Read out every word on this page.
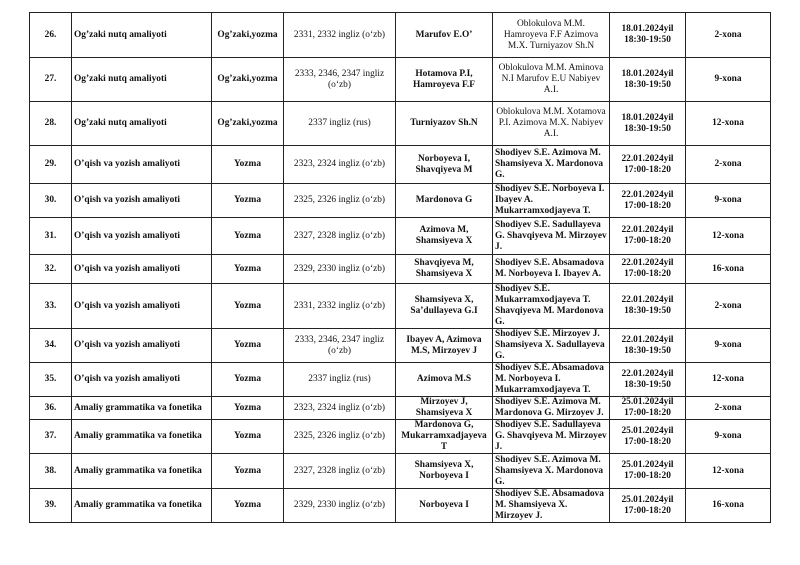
26.	Og’zaki nutq amaliyoti	Og’zaki,yozma	2331, 2332 ingliz (o‘zb)	Marufov E.O’	Oblokulova M.M. Hamroyeva F.F Azimova M.X. Turniyazov Sh.N	18.01.2024yil
18:30-19:50	2-xona
27.	Og’zaki nutq amaliyoti	Og’zaki,yozma	2333, 2346, 2347 ingliz (o‘zb)	Hotamova P.I, Hamroyeva F.F	Oblokulova M.M. Aminova N.I Marufov E.U Nabiyev A.I.	18.01.2024yil
18:30-19:50	9-xona
28.	Og’zaki nutq amaliyoti	Og’zaki,yozma	2337 ingliz (rus)	Turniyazov Sh.N	Oblokulova M.M. Xotamova P.I. Azimova M.X. Nabiyev A.I.	18.01.2024yil
18:30-19:50	12-xona
29.	O’qish va yozish amaliyoti	Yozma	2323, 2324 ingliz (o‘zb)	Norboyeva I, Shavqiyeva M	Shodiyev S.E. Azimova M. Shamsiyeva X. Mardonova G.	22.01.2024yil
17:00-18:20	2-xona
30.	O’qish va yozish amaliyoti	Yozma	2325, 2326 ingliz (o‘zb)	Mardonova G	Shodiyev S.E. Norboyeva I. Ibayev A. Mukarramxodjayeva T.	22.01.2024yil
17:00-18:20	9-xona
31.	O’qish va yozish amaliyoti	Yozma	2327, 2328 ingliz (o‘zb)	Azimova M, Shamsiyeva X	Shodiyev S.E. Sadullayeva G. Shavqiyeva M. Mirzoyev J.	22.01.2024yil
17:00-18:20	12-xona
32.	O’qish va yozish amaliyoti	Yozma	2329, 2330 ingliz (o‘zb)	Shavqiyeva M, Shamsiyeva X	Shodiyev S.E. Absamadova M. Norboyeva I. Ibayev A.	22.01.2024yil
17:00-18:20	16-xona
33.	O’qish va yozish amaliyoti	Yozma	2331, 2332 ingliz (o‘zb)	Shamsiyeva X, Sa’dullayeva G.I	Shodiyev S.E. Mukarramxodjayeva T. Shavqiyeva M. Mardonova G.	22.01.2024yil
18:30-19:50	2-xona
34.	O’qish va yozish amaliyoti	Yozma	2333, 2346, 2347 ingliz (o‘zb)	Ibayev A, Azimova M.S, Mirzoyev J	Shodiyev S.E. Mirzoyev J. Shamsiyeva X. Sadullayeva G.	22.01.2024yil
18:30-19:50	9-xona
35.	O’qish va yozish amaliyoti	Yozma	2337 ingliz (rus)	Azimova M.S	Shodiyev S.E. Absamadova M. Norboyeva I. Mukarramxodjayeva T.	22.01.2024yil
18:30-19:50	12-xona
36.	Amaliy grammatika va fonetika	Yozma	2323, 2324 ingliz (o‘zb)	Mirzoyev J, Shamsiyeva X	Shodiyev S.E. Azimova M. Mardonova G. Mirzoyev J.	25.01.2024yil
17:00-18:20	2-xona
37.	Amaliy grammatika va fonetika	Yozma	2325, 2326 ingliz (o‘zb)	Mardonova G, Mukarramxadjayeva T	Shodiyev S.E. Sadullayeva G. Shavqiyeva M. Mirzoyev J.	25.01.2024yil
17:00-18:20	9-xona
38.	Amaliy grammatika va fonetika	Yozma	2327, 2328 ingliz (o‘zb)	Shamsiyeva X, Norboyeva I	Shodiyev S.E. Azimova M. Shamsiyeva X. Mardonova G.	25.01.2024yil
17:00-18:20	12-xona
39.	Amaliy grammatika va fonetika	Yozma	2329, 2330 ingliz (o‘zb)	Norboyeva I	Shodiyev S.E. Absamadova M. Shamsiyeva X. Mirzoyev J.	25.01.2024yil
17:00-18:20	16-xona
